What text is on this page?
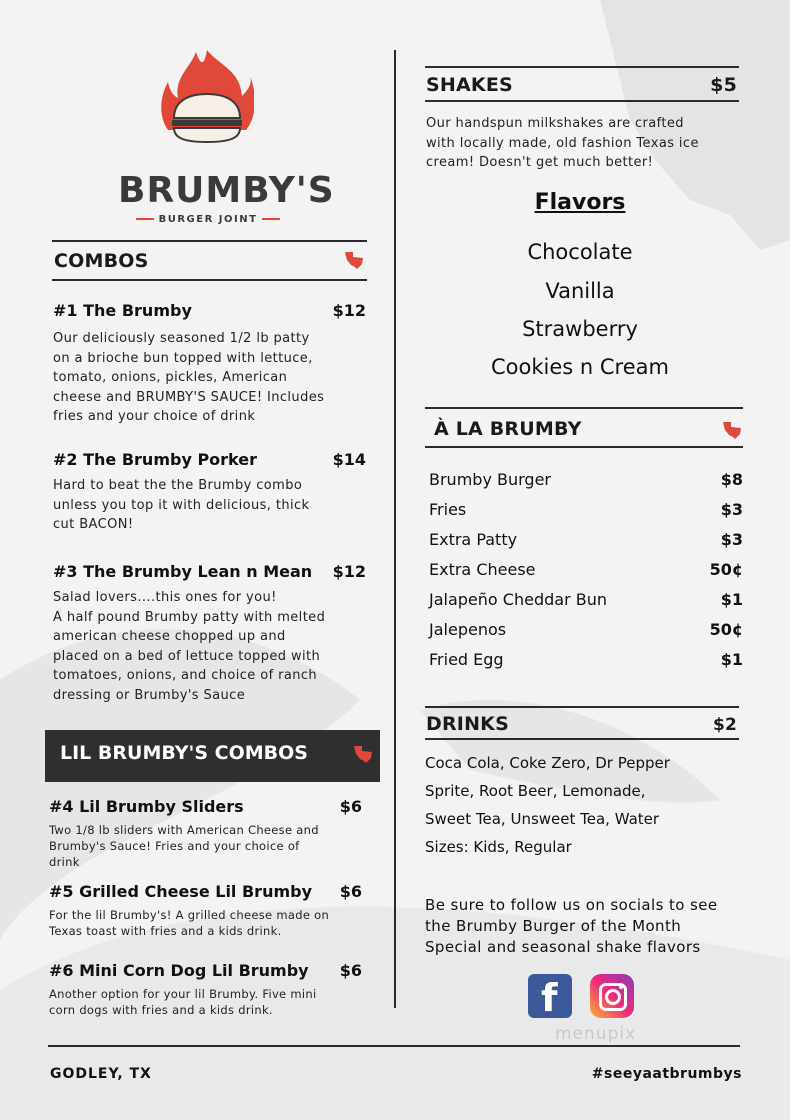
BRUMBY'S
BURGER JOINT
COMBOS
#1 The Brumby	$12
Our deliciously seasoned 1/2 lb patty
on a brioche bun topped with lettuce,
tomato, onions, pickles, American
cheese and BRUMBY'S SAUCE! Includes
fries and your choice of drink
#2 The Brumby Porker	$14
Hard to beat the the Brumby combo
unless you top it with delicious, thick
cut BACON!
#3 The Brumby Lean n Mean	$12
Salad lovers....this ones for you!
A half pound Brumby patty with melted
american cheese chopped up and
placed on a bed of lettuce topped with
tomatoes, onions, and choice of ranch
dressing or Brumby's Sauce
LIL BRUMBY'S COMBOS
#4 Lil Brumby Sliders	$6
Two 1/8 lb sliders with American Cheese and
Brumby's Sauce! Fries and your choice of
drink
#5 Grilled Cheese Lil Brumby	$6
For the lil Brumby's! A grilled cheese made on
Texas toast with fries and a kids drink.
#6 Mini Corn Dog Lil Brumby	$6
Another option for your lil Brumby. Five mini
corn dogs with fries and a kids drink.
SHAKES	$5
Our handspun milkshakes are crafted
with locally made, old fashion Texas ice
cream! Doesn't get much better!
Flavors
Chocolate
Vanilla
Strawberry
Cookies n Cream
À LA BRUMBY
Brumby Burger	$8
Fries	$3
Extra Patty	$3
Extra Cheese	50¢
Jalapeño Cheddar Bun	$1
Jalepenos	50¢
Fried Egg	$1
DRINKS	$2
Coca Cola, Coke Zero, Dr Pepper
Sprite, Root Beer, Lemonade,
Sweet Tea, Unsweet Tea, Water
Sizes: Kids, Regular
Be sure to follow us on socials to see
the Brumby Burger of the Month
Special and seasonal shake flavors
f
menupix
GODLEY, TX	#seeyaatbrumbys
